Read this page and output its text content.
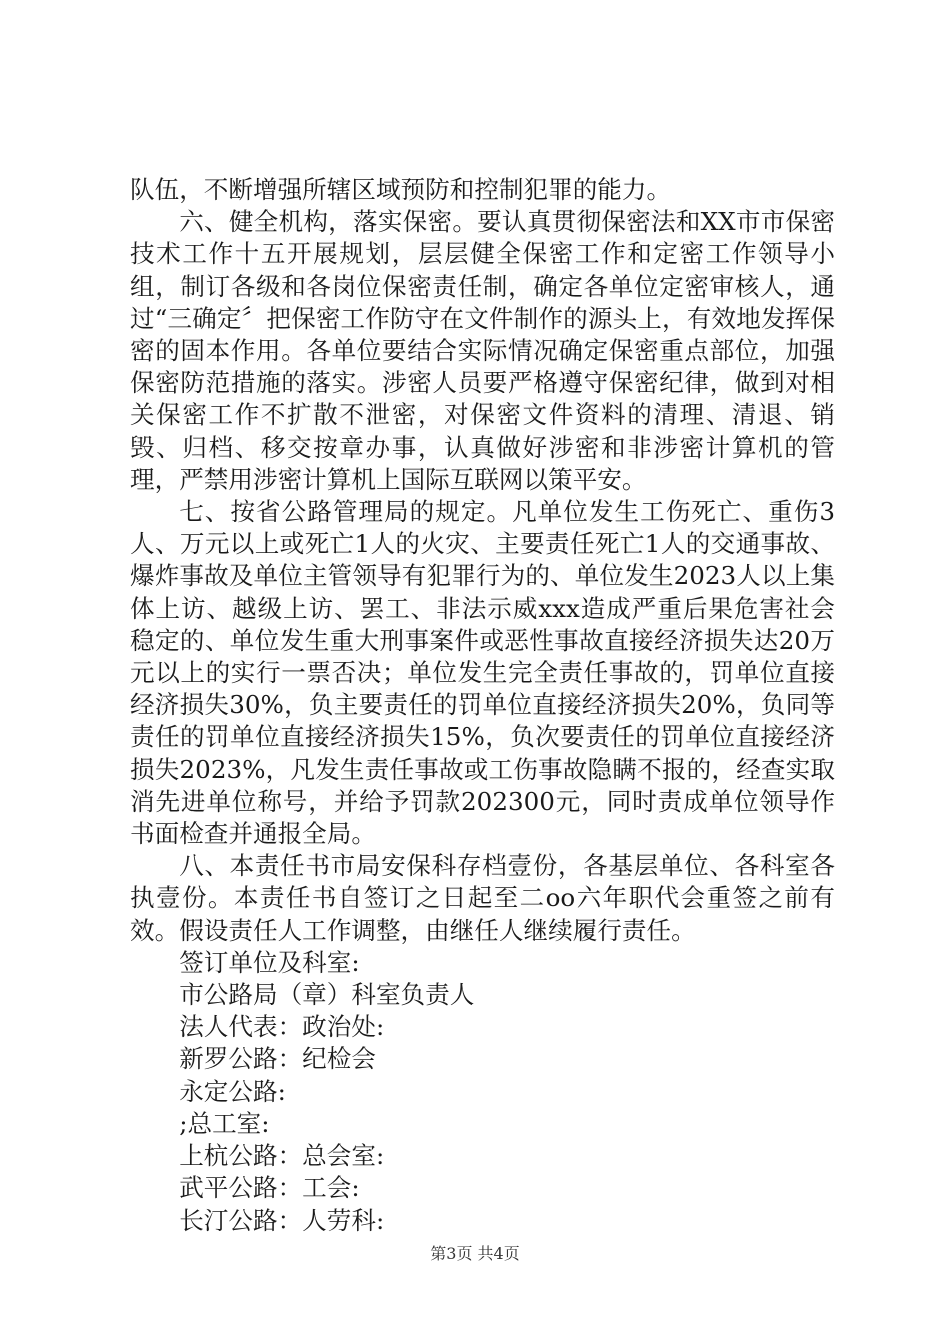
队伍，不断增强所辖区域预防和控制犯罪的能力。

六、健全机构，落实保密。要认真贯彻保密法和XX市市保密技术工作十五开展规划，层层健全保密工作和定密工作领导小组，制订各级和各岗位保密责任制，确定各单位定密审核人，通过“三确定〞把保密工作防守在文件制作的源头上，有效地发挥保密的固本作用。各单位要结合实际情况确定保密重点部位，加强保密防范措施的落实。涉密人员要严格遵守保密纪律，做到对相关保密工作不扩散不泄密，对保密文件资料的清理、清退、销毁、归档、移交按章办事，认真做好涉密和非涉密计算机的管理，严禁用涉密计算机上国际互联网以策平安。

七、按省公路管理局的规定。凡单位发生工伤死亡、重伤3人、万元以上或死亡1人的火灾、主要责任死亡1人的交通事故、爆炸事故及单位主管领导有犯罪行为的、单位发生2023人以上集体上访、越级上访、罢工、非法示威xxx造成严重后果危害社会稳定的、单位发生重大刑事案件或恶性事故直接经济损失达20万元以上的实行一票否决；单位发生完全责任事故的，罚单位直接经济损失30%，负主要责任的罚单位直接经济损失20%，负同等责任的罚单位直接经济损失15%，负次要责任的罚单位直接经济损失2023%，凡发生责任事故或工伤事故隐瞒不报的，经查实取消先进单位称号，并给予罚款202300元，同时责成单位领导作书面检查并通报全局。

八、本责任书市局安保科存档壹份，各基层单位、各科室各执壹份。本责任书自签订之日起至二oo六年职代会重签之前有效。假设责任人工作调整，由继任人继续履行责任。

签订单位及科室:

市公路局（章）科室负责人

法人代表：政治处:

新罗公路：纪检会

永定公路:

;总工室:

上杭公路：总会室:

武平公路：工会:

长汀公路：人劳科:

第3页 共4页
